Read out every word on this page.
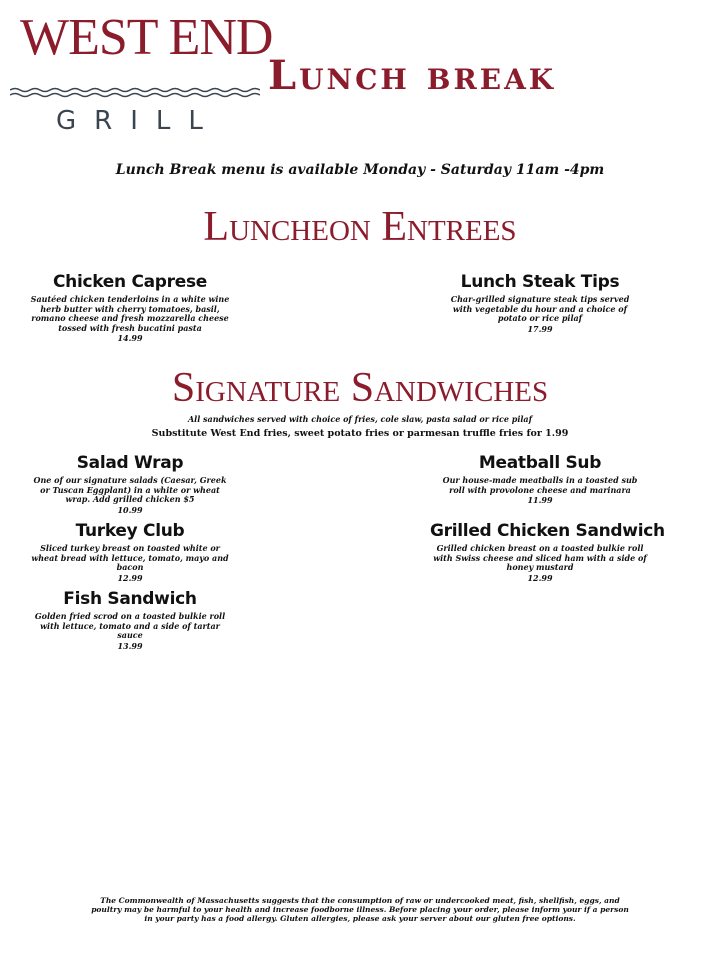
WEST END
GRILL
Lunch break
Lunch Break menu is available Monday - Saturday 11am -4pm
Luncheon Entrees
Chicken Caprese
Sautéed chicken tenderloins in a white wine herb butter with cherry tomatoes, basil, romano cheese and fresh mozzarella cheese tossed with fresh bucatini pasta
14.99
Lunch Steak Tips
Char-grilled signature steak tips served with vegetable du hour and a choice of potato or rice pilaf
17.99
Signature Sandwiches
All sandwiches served with choice of fries, cole slaw, pasta salad or rice pilaf
Substitute West End fries, sweet potato fries or parmesan truffle fries for 1.99
Salad Wrap
One of our signature salads (Caesar, Greek or Tuscan Eggplant) in a white or wheat wrap. Add grilled chicken $5
10.99
Meatball Sub
Our house-made meatballs in a toasted sub roll with provolone cheese and marinara
11.99
Turkey Club
Sliced turkey breast on toasted white or wheat bread with lettuce, tomato, mayo and bacon
12.99
Grilled Chicken Sandwich
Grilled chicken breast on a toasted bulkie roll with Swiss cheese and sliced ham with a side of honey mustard
12.99
Fish Sandwich
Golden fried scrod on a toasted bulkie roll with lettuce, tomato and a side of tartar sauce
13.99
The Commonwealth of Massachusetts suggests that the consumption of raw or undercooked meat, fish, shellfish, eggs, and poultry may be harmful to your health and increase foodborne illness. Before placing your order, please inform your if a person in your party has a food allergy. Gluten allergies, please ask your server about our gluten free options.
